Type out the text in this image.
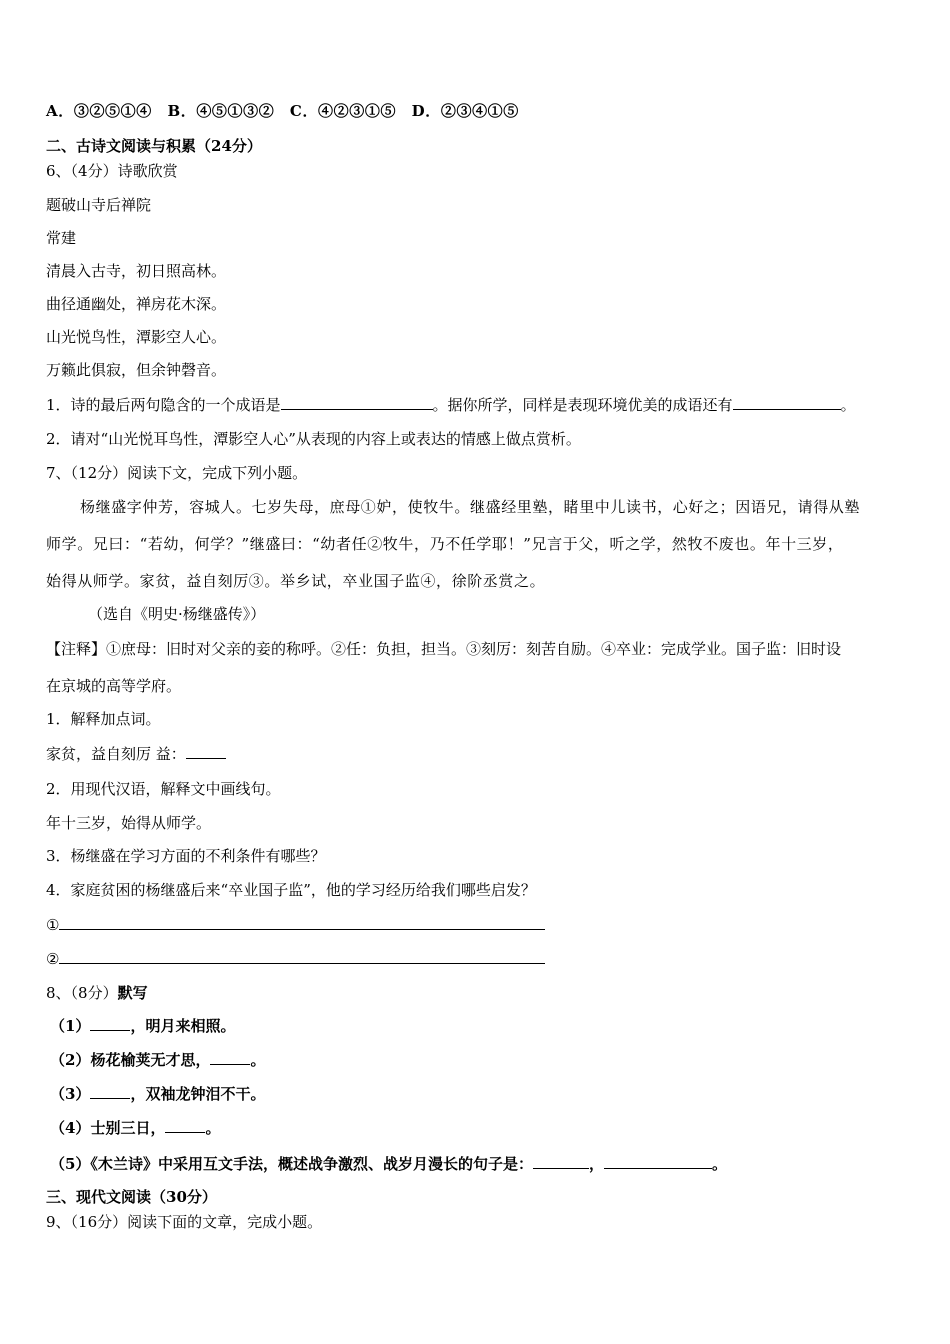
A．③②⑤①④　B．④⑤①③②　C．④②③①⑤　D．②③④①⑤
二、古诗文阅读与积累（24分）
6、（4分）诗歌欣赏
题破山寺后禅院
常建
清晨入古寺，初日照高林。
曲径通幽处，禅房花木深。
山光悦鸟性，潭影空人心。
万籁此俱寂，但余钟磬音。
1．诗的最后两句隐含的一个成语是	。据你所学，同样是表现环境优美的成语还有	。
2．请对“山光悦耳鸟性，潭影空人心”从表现的内容上或表达的情感上做点赏析。
7、（12分）阅读下文，完成下列小题。
杨继盛字仲芳，容城人。七岁失母，庶母①妒，使牧牛。继盛经里塾，睹里中儿读书，心好之；因语兄，请得从塾
师学。兄曰：“若幼，何学？”继盛曰：“幼者任②牧牛，乃不任学耶！”兄言于父，听之学，然牧不废也。年十三岁，
始得从师学。家贫，益自刻厉③。举乡试，卒业国子监④，徐阶丞赏之。
（选自《明史·杨继盛传》）
【注释】①庶母：旧时对父亲的妾的称呼。②任：负担，担当。③刻厉：刻苦自励。④卒业：完成学业。国子监：旧时设
在京城的高等学府。
1．解释加点词。
家贫，益自刻厉 益：
2．用现代汉语，解释文中画线句。
年十三岁，始得从师学。
3．杨继盛在学习方面的不利条件有哪些？
4．家庭贫困的杨继盛后来“卒业国子监”，他的学习经历给我们哪些启发？
①
②
8、（8分）默写
（1）	，明月来相照。
（2）杨花榆荚无才思，	。
（3）	，双袖龙钟泪不干。
（4）士别三日，	。
（5）《木兰诗》中采用互文手法，概述战争激烈、战岁月漫长的句子是：	，	。
三、现代文阅读（30分）
9、（16分）阅读下面的文章，完成小题。
